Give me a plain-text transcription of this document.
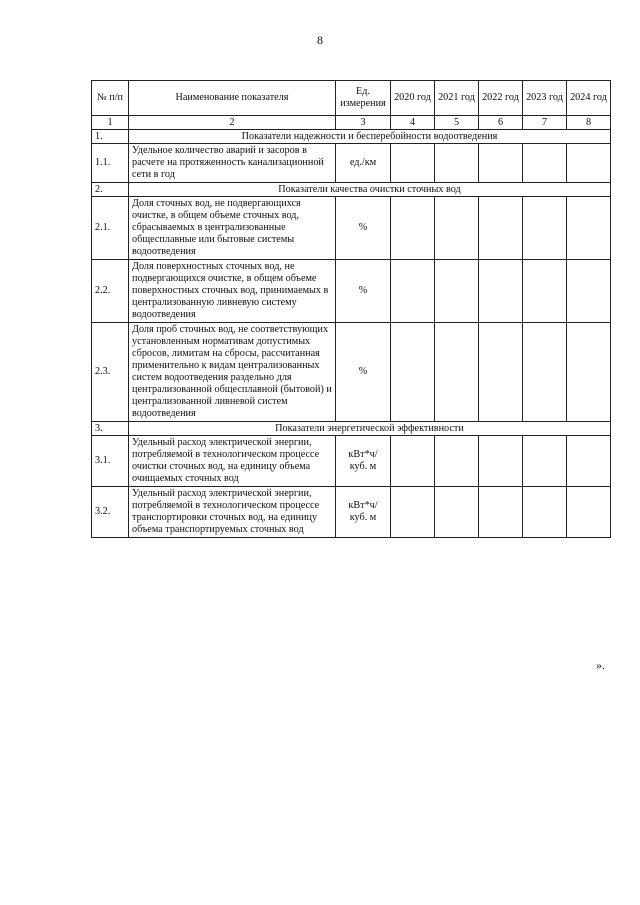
8
№ п/п	Наименование показателя	Ед. измерения	2020 год	2021 год	2022 год	2023 год	2024 год
1	2	3	4	5	6	7	8
1.	Показатели надежности и бесперебойности водоотведения						
1.1.	Удельное количество аварий и засоров в расчете на протяженность канализационной сети в год	ед./км					
2.	Показатели качества очистки сточных вод						
2.1.	Доля сточных вод, не подвергающихся очистке, в общем объеме сточных вод, сбрасываемых в централизованные общесплавные или бытовые системы водоотведения	%					
2.2.	Доля поверхностных сточных вод, не подвергающихся очистке, в общем объеме поверхностных сточных вод, принимаемых в централизованную ливневую систему водоотведения	%					
2.3.	Доля проб сточных вод, не соответствующих установленным нормативам допустимых сбросов, лимитам на сбросы, рассчитанная применительно к видам централизованных систем водоотведения раздельно для централизованной общесплавной (бытовой) и централизованной ливневой систем водоотведения	%					
3.	Показатели энергетической эффективности						
3.1.	Удельный расход электрической энергии, потребляемой в технологическом процессе очистки сточных вод, на единицу объема очищаемых сточных вод	кВт*ч/ куб. м					
3.2.	Удельный расход электрической энергии, потребляемой в технологическом процессе транспортировки сточных вод, на единицу объема транспортируемых сточных вод	кВт*ч/ куб. м					
».
